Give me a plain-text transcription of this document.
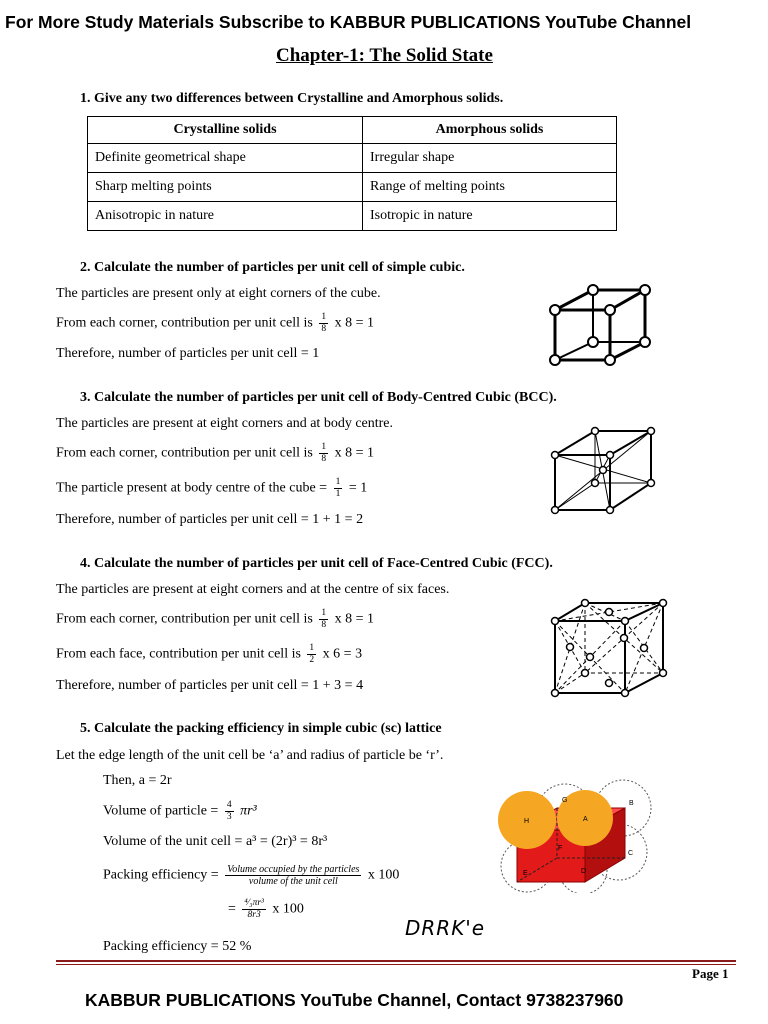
For More Study Materials Subscribe to KABBUR PUBLICATIONS YouTube Channel
Chapter-1: The Solid State
1. Give any two differences between Crystalline and Amorphous solids.
Crystalline solids	Amorphous solids
Definite geometrical shape	Irregular shape
Sharp melting points	Range of melting points
Anisotropic in nature	Isotropic in nature
2. Calculate the number of particles per unit cell of simple cubic.
The particles are present only at eight corners of the cube.
From each corner, contribution per unit cell is $\frac{1}{8}$ x 8 = 1
Therefore, number of particles per unit cell = 1
3. Calculate the number of particles per unit cell of Body-Centred Cubic (BCC).
The particles are present at eight corners and at body centre.
From each corner, contribution per unit cell is $\frac{1}{8}$ x 8 = 1
The particle present at body centre of the cube = $\frac{1}{1} = 1$
Therefore, number of particles per unit cell = 1 + 1 = 2
4. Calculate the number of particles per unit cell of Face-Centred Cubic (FCC).
The particles are present at eight corners and at the centre of six faces.
From each corner, contribution per unit cell is $\frac{1}{8}$ x 8 = 1
From each face, contribution per unit cell is $\frac{1}{2}$ x 6 = 3
Therefore, number of particles per unit cell = 1 + 3 = 4
5. Calculate the packing efficiency in simple cubic (sc) lattice
Let the edge length of the unit cell be ‘a’ and radius of particle be ‘r’.
Then, a = 2r
Volume of particle = $\frac{4}{3} \pi r^3$
Volume of the unit cell = a³ = (2r)³ = 8r³
Packing efficiency = $\frac{\text{Volume occupied by the particles}}{\text{volume of the unit cell}}$ x 100
= $\frac{\text{⁴⁄₃πr³}}{8r3}$ x 100
Packing efficiency = 52 %
DRRK'e
G	B
H	A
F
C
E	D
Page 1
KABBUR PUBLICATIONS YouTube Channel, Contact 9738237960
